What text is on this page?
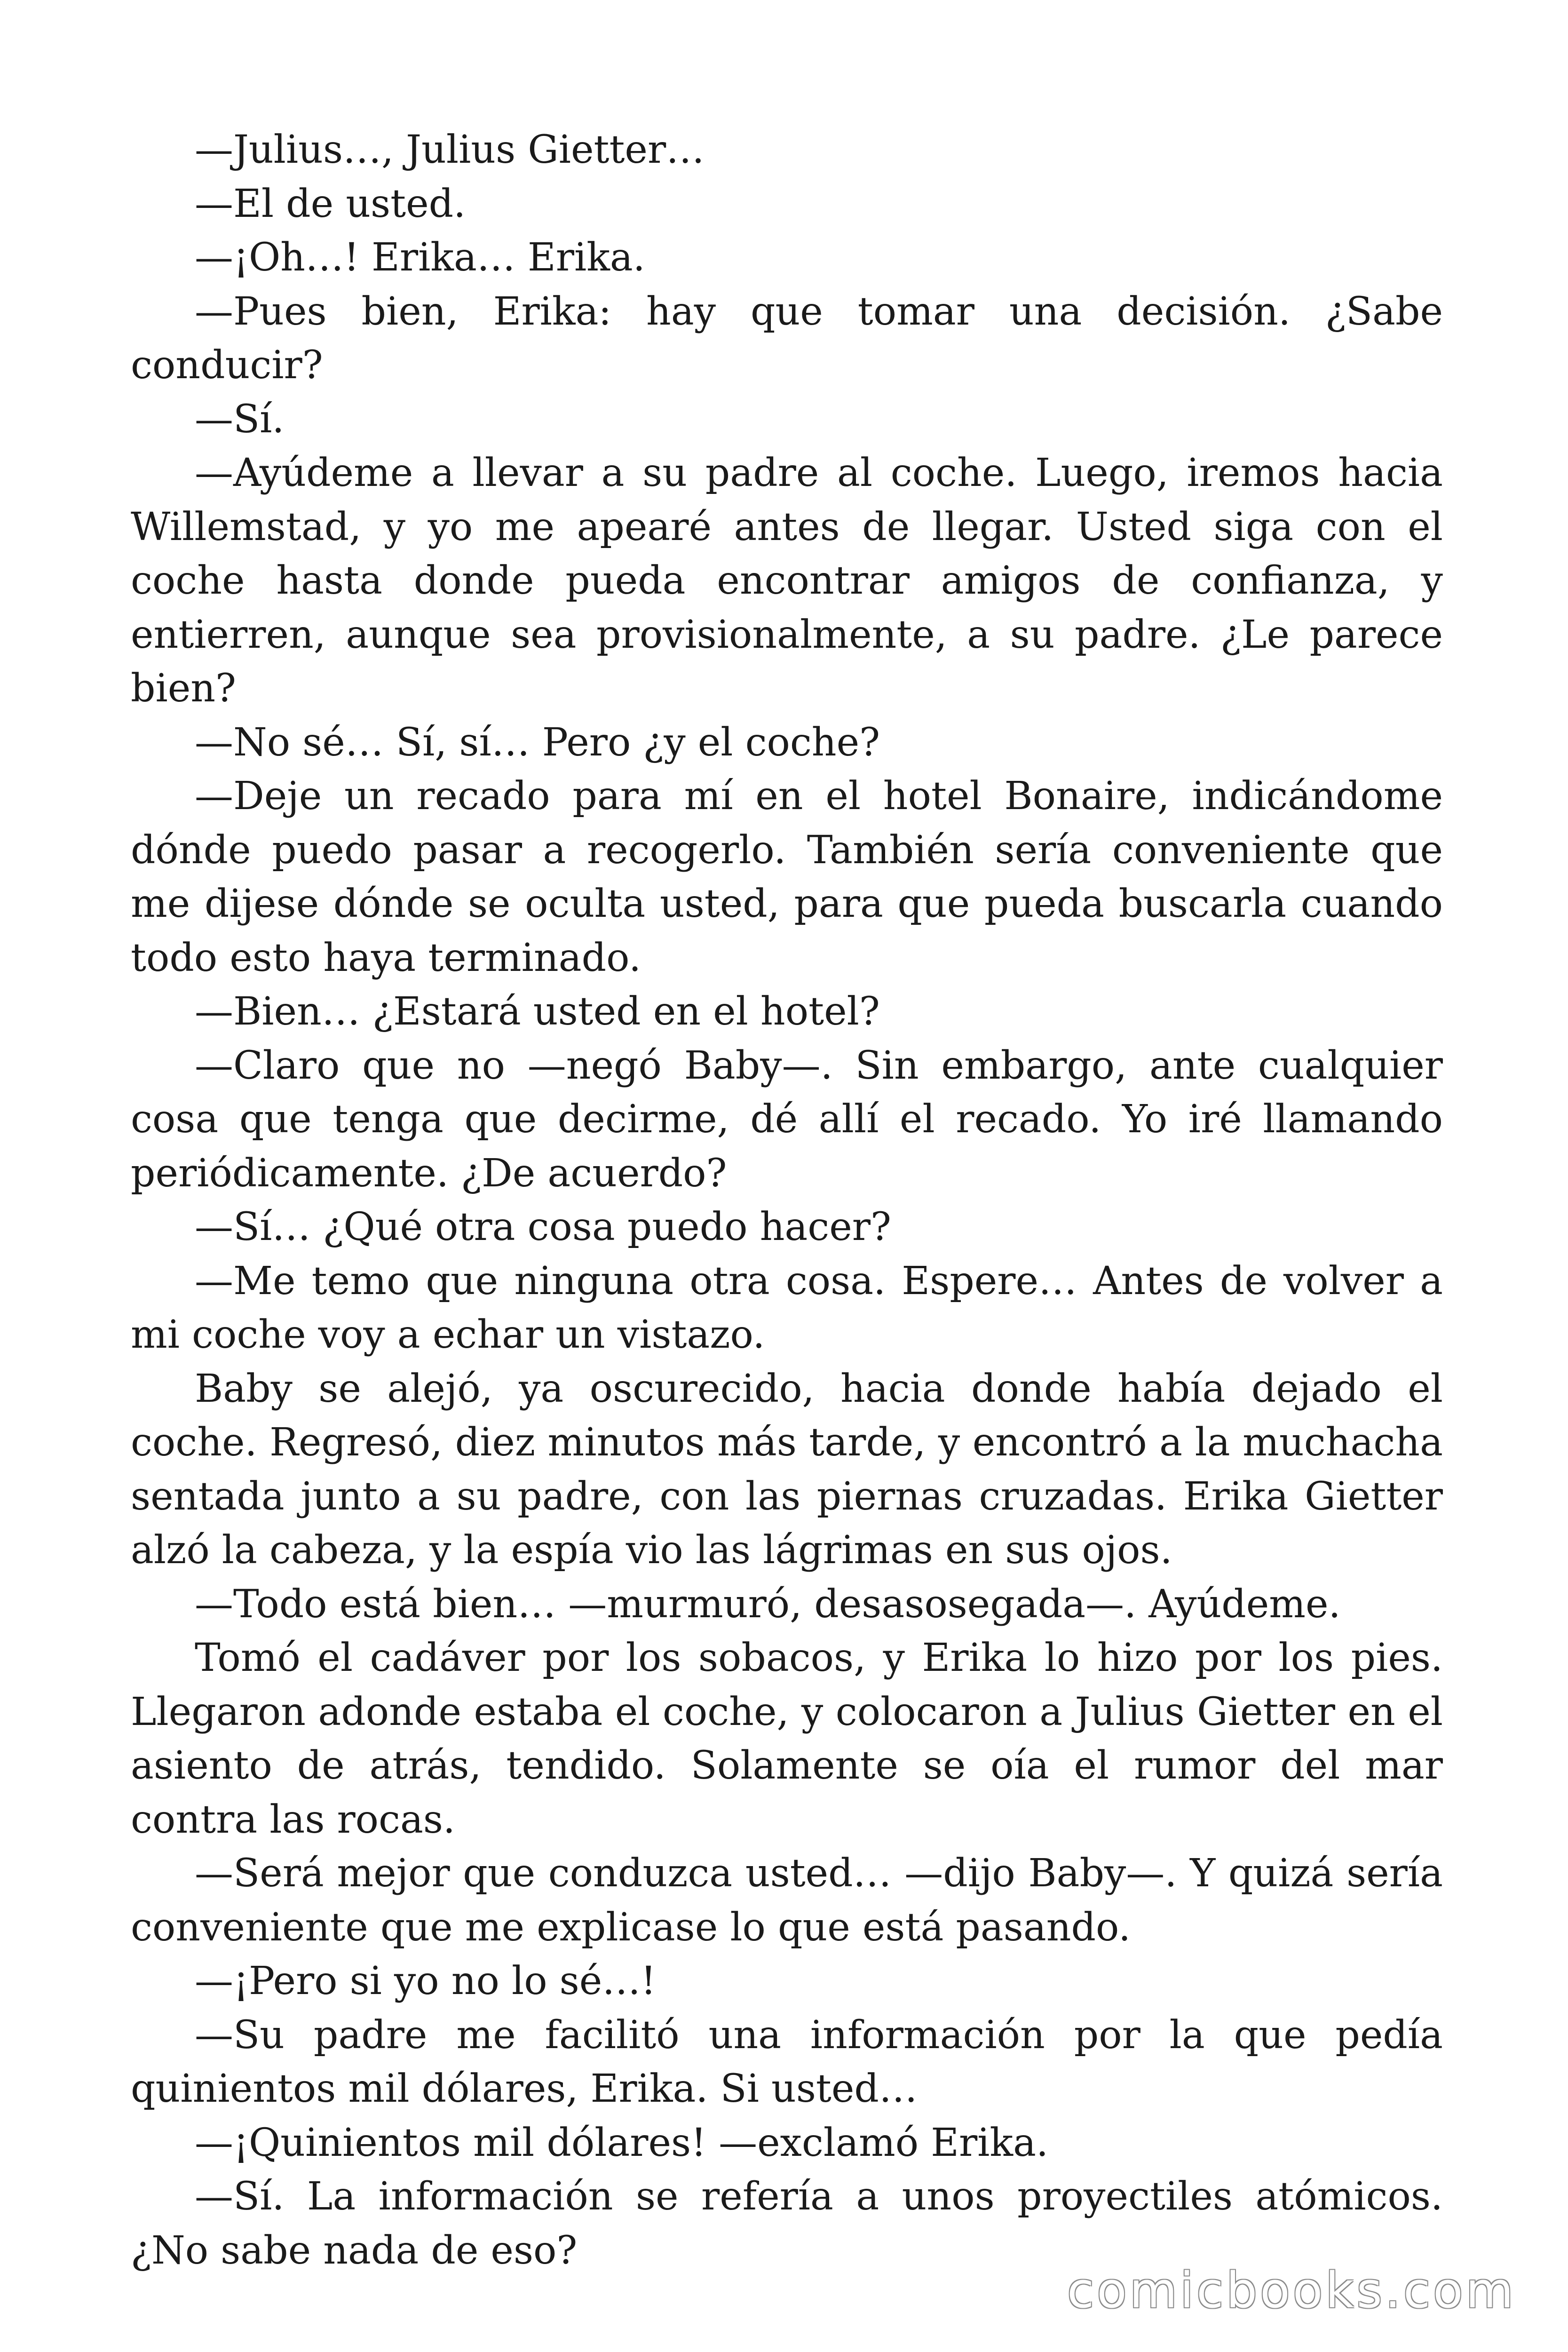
—Julius…, Julius Gietter…

—El de usted.

—¡Oh…! Erika… Erika.

—Pues bien, Erika: hay que tomar una decisión. ¿Sabe conducir?

—Sí.

—Ayúdeme a llevar a su padre al coche. Luego, iremos hacia Willemstad, y yo me apearé antes de llegar. Usted siga con el coche hasta donde pueda encontrar amigos de confianza, y entierren, aunque sea provisionalmente, a su padre. ¿Le parece bien?

—No sé… Sí, sí… Pero ¿y el coche?

—Deje un recado para mí en el hotel Bonaire, indicándome dónde puedo pasar a recogerlo. También sería conveniente que me dijese dónde se oculta usted, para que pueda buscarla cuando todo esto haya terminado.

—Bien… ¿Estará usted en el hotel?

—Claro que no —negó Baby—. Sin embargo, ante cualquier cosa que tenga que decirme, dé allí el recado. Yo iré llamando periódicamente. ¿De acuerdo?

—Sí… ¿Qué otra cosa puedo hacer?

—Me temo que ninguna otra cosa. Espere… Antes de volver a mi coche voy a echar un vistazo.

Baby se alejó, ya oscurecido, hacia donde había dejado el coche. Regresó, diez minutos más tarde, y encontró a la muchacha sentada junto a su padre, con las piernas cruzadas. Erika Gietter alzó la cabeza, y la espía vio las lágrimas en sus ojos.

—Todo está bien… —murmuró, desasosegada—. Ayúdeme.

Tomó el cadáver por los sobacos, y Erika lo hizo por los pies. Llegaron adonde estaba el coche, y colocaron a Julius Gietter en el asiento de atrás, tendido. Solamente se oía el rumor del mar contra las rocas.

—Será mejor que conduzca usted… —dijo Baby—. Y quizá sería conveniente que me explicase lo que está pasando.

—¡Pero si yo no lo sé…!

—Su padre me facilitó una información por la que pedía quinientos mil dólares, Erika. Si usted…

—¡Quinientos mil dólares! —exclamó Erika.

—Sí. La información se refería a unos proyectiles atómicos. ¿No sabe nada de eso?

comicbooks.com
